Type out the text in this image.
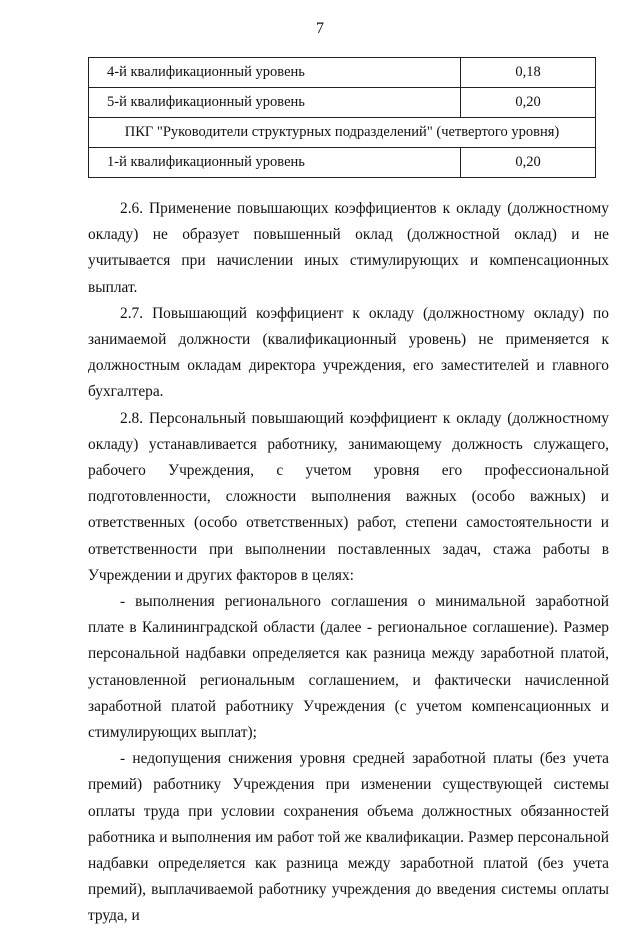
7
4-й квалификационный уровень	0,18
5-й квалификационный уровень	0,20
ПКГ "Руководители структурных подразделений" (четвертого уровня)	
1-й квалификационный уровень	0,20

2.6. Применение повышающих коэффициентов к окладу (должностному окладу) не образует повышенный оклад (должностной оклад) и не учитывается при начислении иных стимулирующих и компенсационных выплат.

2.7. Повышающий коэффициент к окладу (должностному окладу) по занимаемой должности (квалификационный уровень) не применяется к должностным окладам директора учреждения, его заместителей и главного бухгалтера.

2.8. Персональный повышающий коэффициент к окладу (должностному окладу) устанавливается работнику, занимающему должность служащего, рабочего Учреждения, с учетом уровня его профессиональной подготовленности, сложности выполнения важных (особо важных) и ответственных (особо ответственных) работ, степени самостоятельности и ответственности при выполнении поставленных задач, стажа работы в Учреждении и других факторов в целях:

- выполнения регионального соглашения о минимальной заработной плате в Калининградской области (далее - региональное соглашение). Размер персональной надбавки определяется как разница между заработной платой, установленной региональным соглашением, и фактически начисленной заработной платой работнику Учреждения (с учетом компенсационных и стимулирующих выплат);

- недопущения снижения уровня средней заработной платы (без учета премий) работнику Учреждения при изменении существующей системы оплаты труда при условии сохранения объема должностных обязанностей работника и выполнения им работ той же квалификации. Размер персональной надбавки определяется как разница между заработной платой (без учета премий), выплачиваемой работнику учреждения до введения системы оплаты труда, и
